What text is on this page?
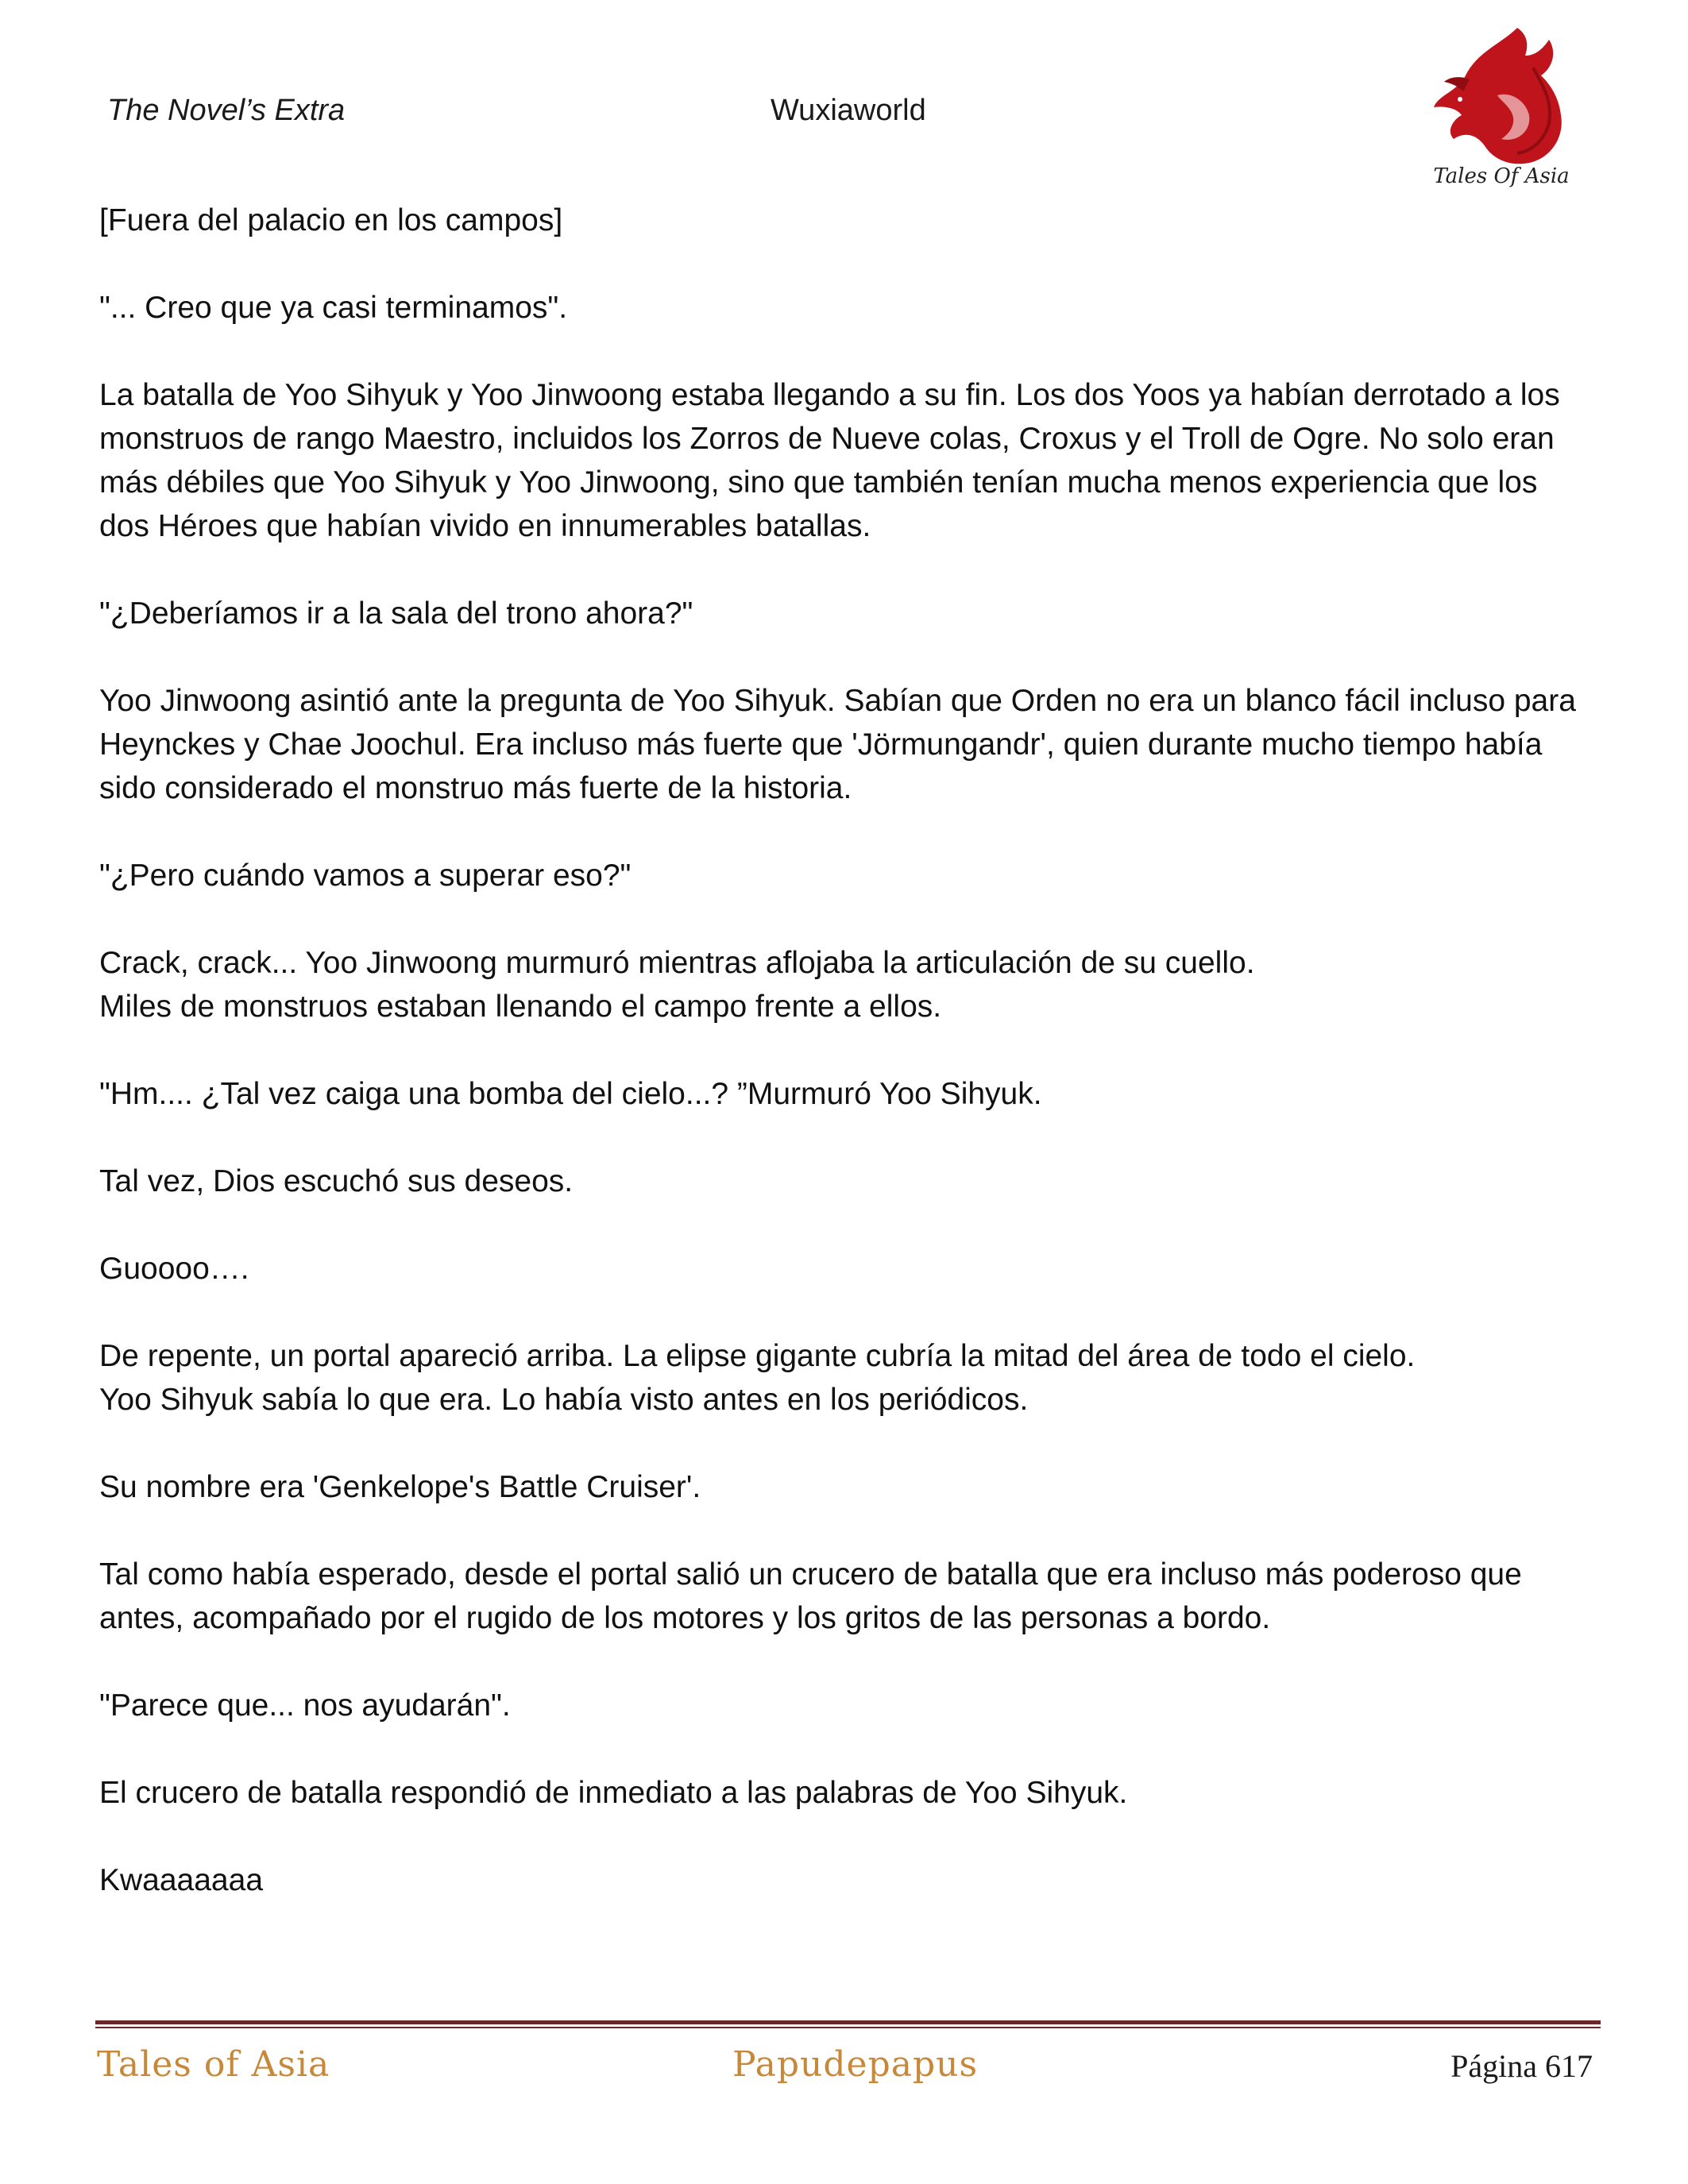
The Novel’s Extra	Wuxiaworld
Tales Of Asia

[Fuera del palacio en los campos]

"... Creo que ya casi terminamos".

La batalla de Yoo Sihyuk y Yoo Jinwoong estaba llegando a su fin. Los dos Yoos ya habían derrotado a los monstruos de rango Maestro, incluidos los Zorros de Nueve colas, Croxus y el Troll de Ogre. No solo eran más débiles que Yoo Sihyuk y Yoo Jinwoong, sino que también tenían mucha menos experiencia que los dos Héroes que habían vivido en innumerables batallas.

"¿Deberíamos ir a la sala del trono ahora?"

Yoo Jinwoong asintió ante la pregunta de Yoo Sihyuk. Sabían que Orden no era un blanco fácil incluso para Heynckes y Chae Joochul. Era incluso más fuerte que 'Jörmungandr', quien durante mucho tiempo había sido considerado el monstruo más fuerte de la historia.

"¿Pero cuándo vamos a superar eso?"

Crack, crack... Yoo Jinwoong murmuró mientras aflojaba la articulación de su cuello.
Miles de monstruos estaban llenando el campo frente a ellos.

"Hm.... ¿Tal vez caiga una bomba del cielo...? ”Murmuró Yoo Sihyuk.

Tal vez, Dios escuchó sus deseos.

Guoooo….

De repente, un portal apareció arriba. La elipse gigante cubría la mitad del área de todo el cielo.
Yoo Sihyuk sabía lo que era. Lo había visto antes en los periódicos.

Su nombre era 'Genkelope's Battle Cruiser'.

Tal como había esperado, desde el portal salió un crucero de batalla que era incluso más poderoso que antes, acompañado por el rugido de los motores y los gritos de las personas a bordo.

"Parece que... nos ayudarán".

El crucero de batalla respondió de inmediato a las palabras de Yoo Sihyuk.

Kwaaaaaaa

Tales of Asia	Papudepapus	Página 617
